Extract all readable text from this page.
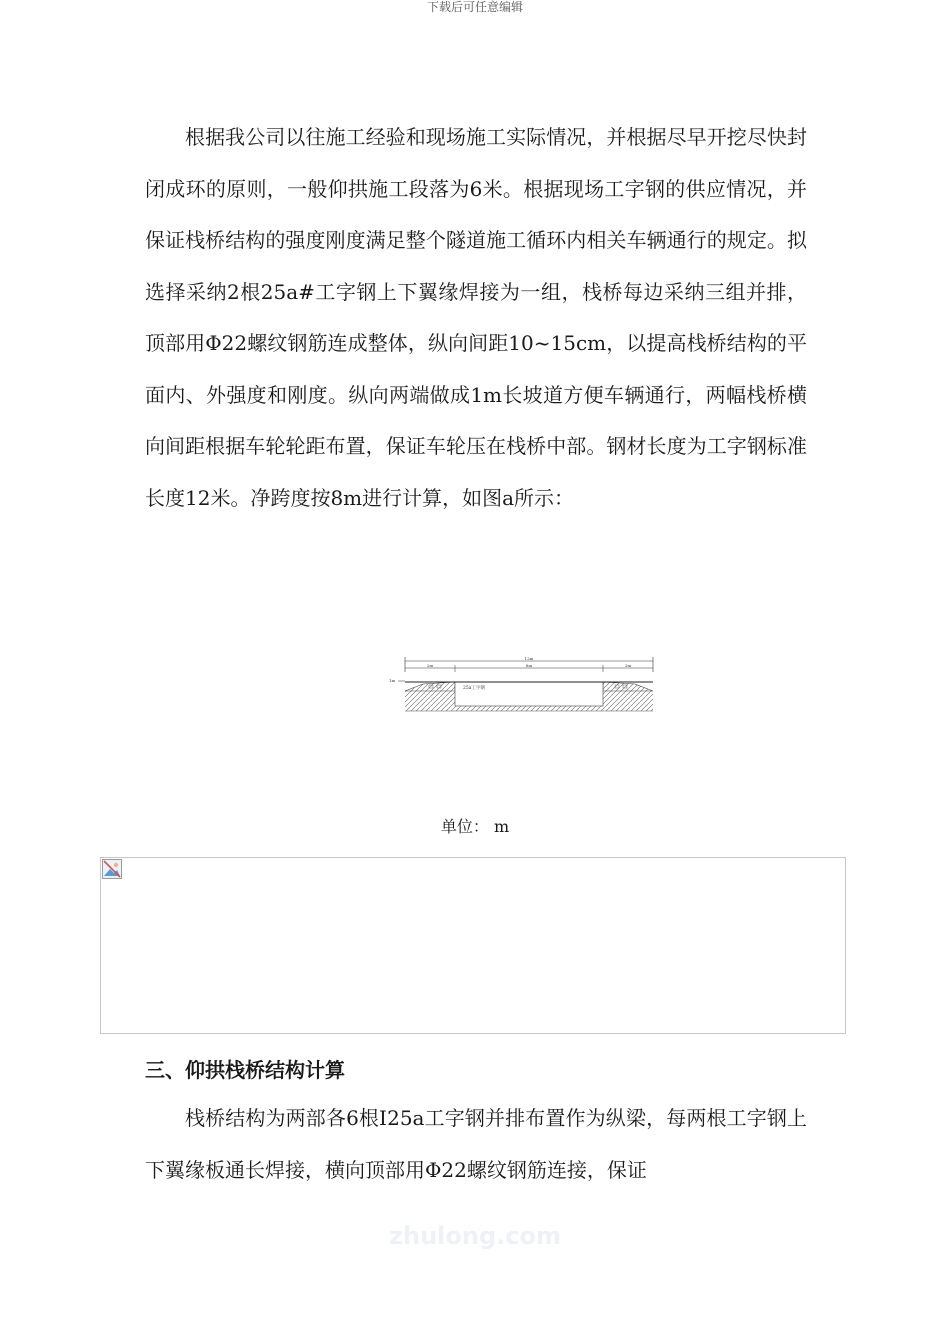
下载后可任意编辑

根据我公司以往施工经验和现场施工实际情况，并根据尽早开挖尽快封闭成环的原则，一般仰拱施工段落为6米。根据现场工字钢的供应情况，并保证栈桥结构的强度刚度满足整个隧道施工循环内相关车辆通行的规定。拟选择采纳2根25a#工字钢上下翼缘焊接为一组，栈桥每边采纳三组并排，顶部用Φ22螺纹钢筋连成整体，纵向间距10~15cm，以提高栈桥结构的平面内、外强度和刚度。纵向两端做成1m长坡道方便车辆通行，两幅栈桥横向间距根据车轮轮距布置，保证车轮压在栈桥中部。钢材长度为工字钢标准长度12米。净跨度按8m进行计算，如图a所示：

12m
2m	8m	2m
1m
25a工字钢
单位： m
三、仰拱栈桥结构计算

栈桥结构为两部各6根Ⅰ25a工字钢并排布置作为纵梁，每两根工字钢上下翼缘板通长焊接，横向顶部用Φ22螺纹钢筋连接，保证

zhulong.com
